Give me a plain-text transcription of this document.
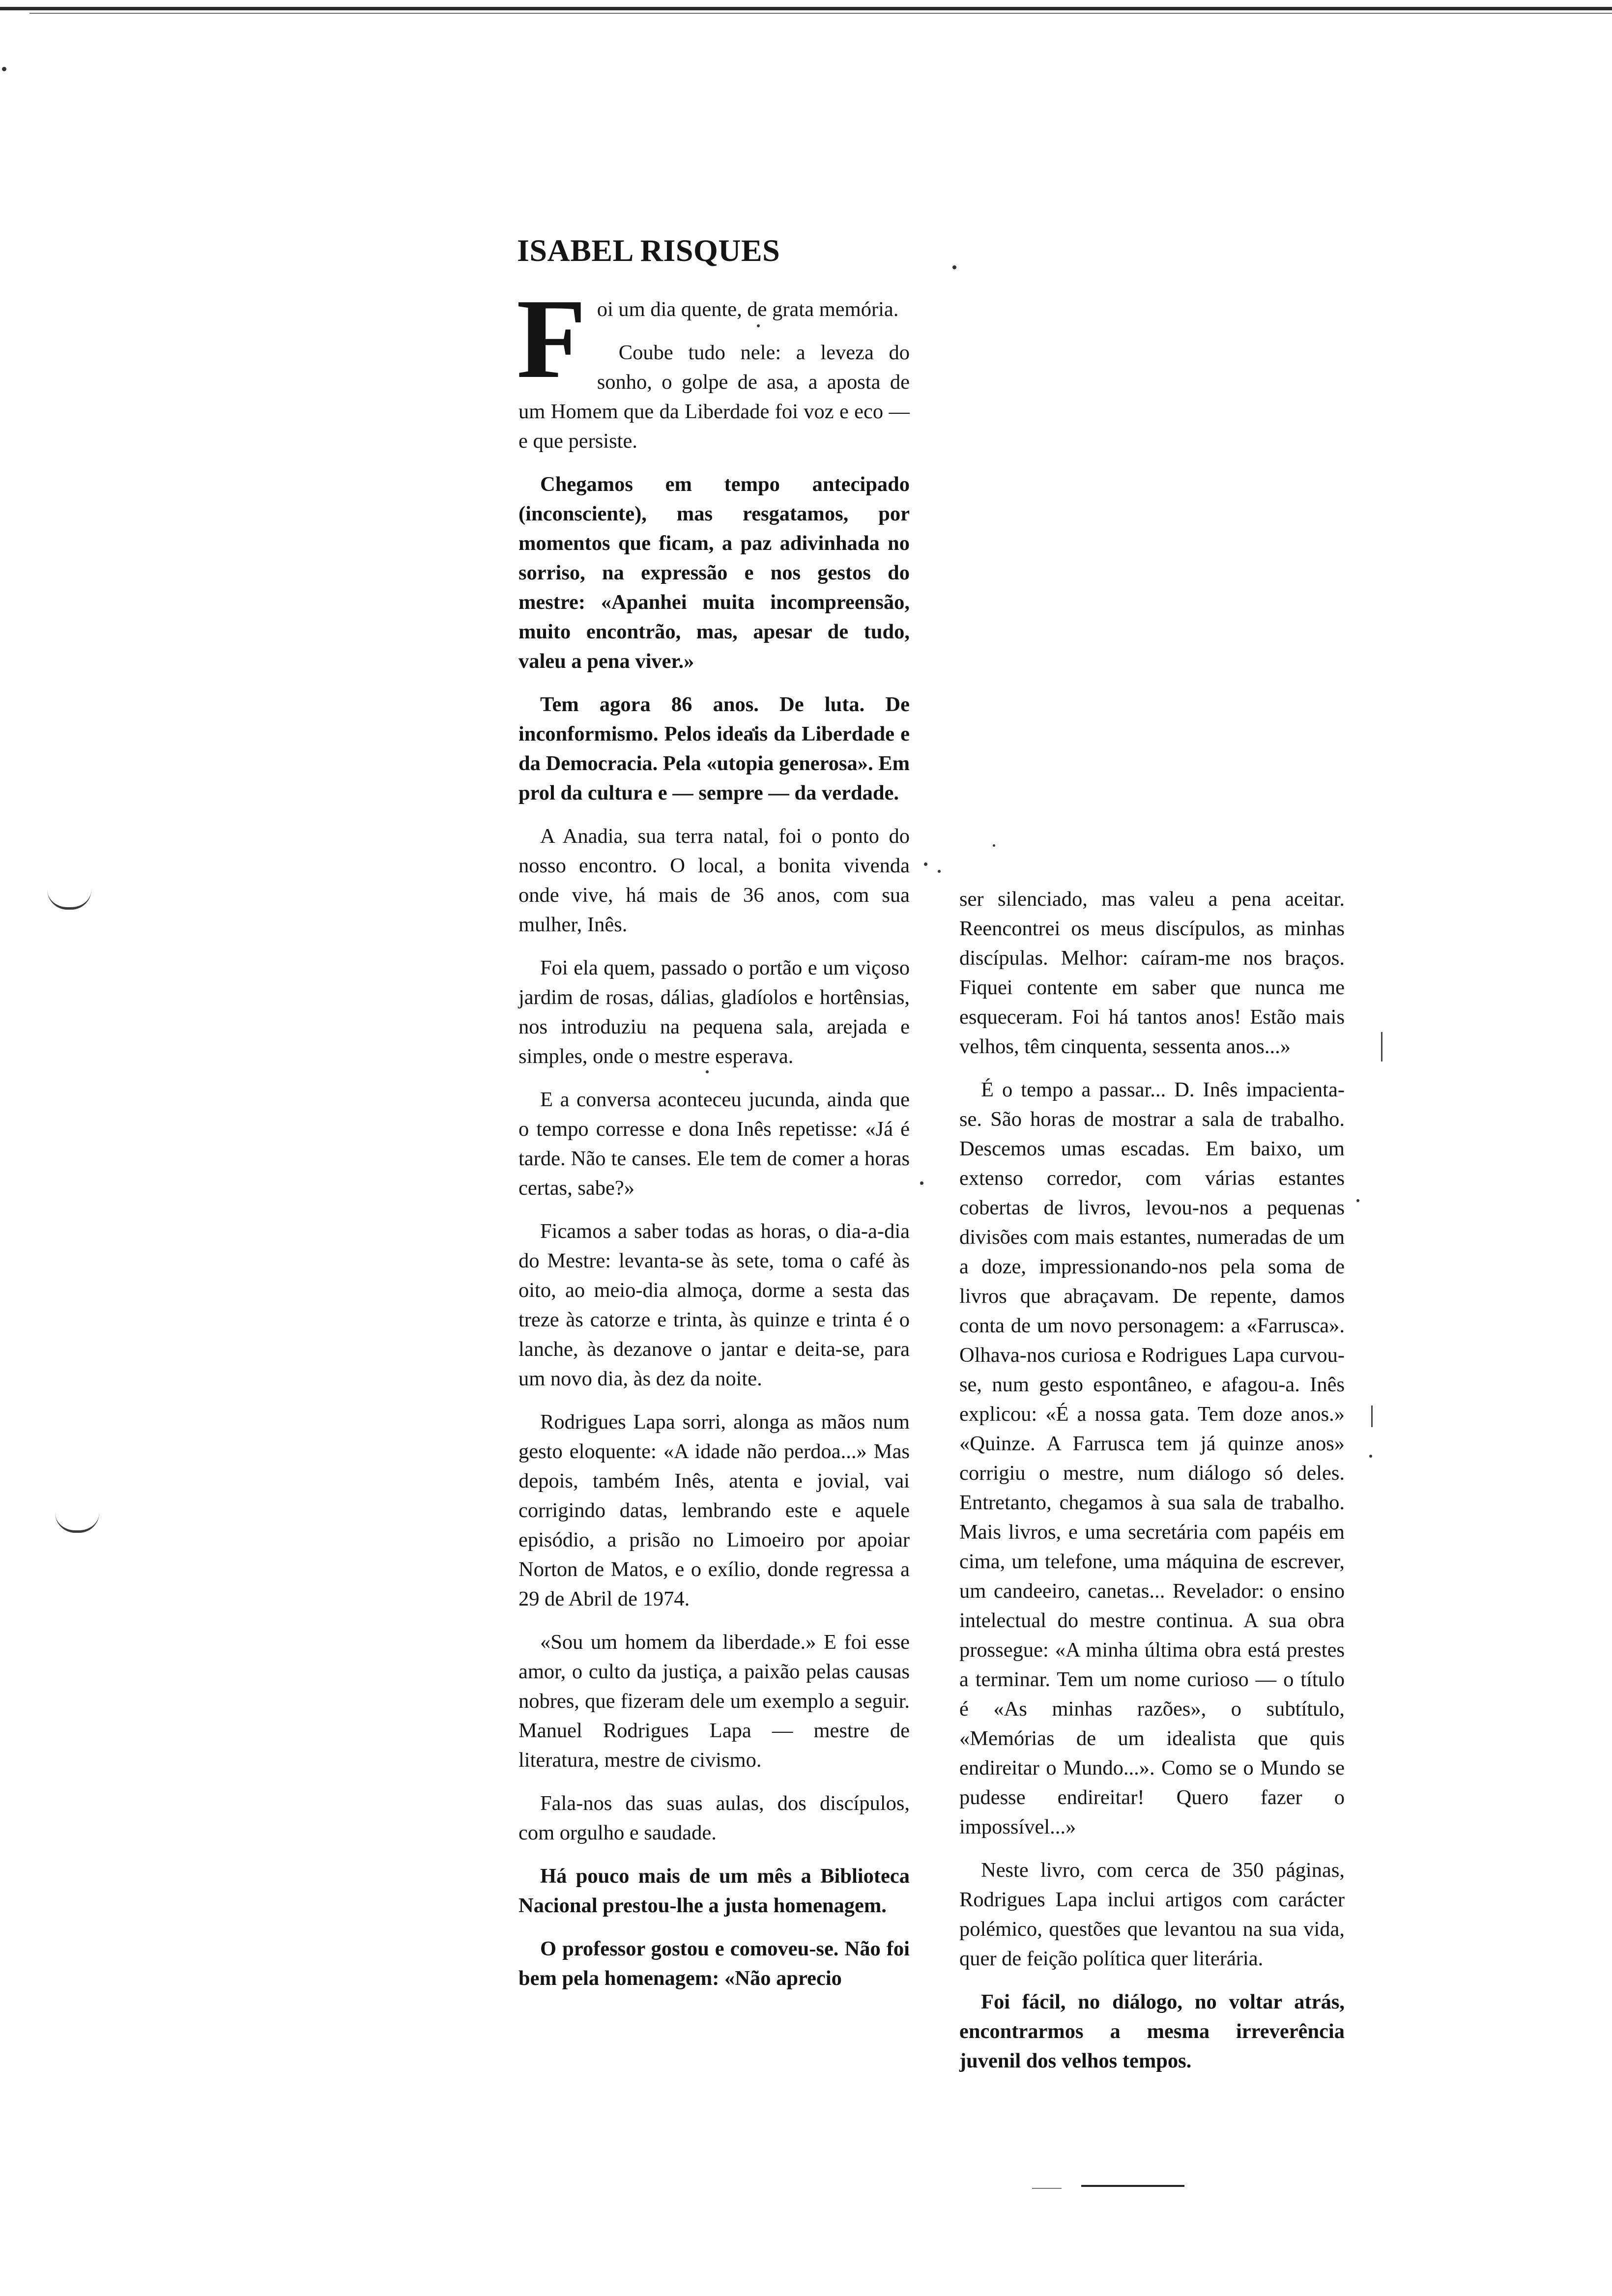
ISABEL RISQUES

Foi um dia quente, de grata memória.

Coube tudo nele: a leveza do sonho, o golpe de asa, a aposta de um Homem que da Liberdade foi voz e eco — e que persiste.

Chegamos em tempo antecipado (inconsciente), mas resgatamos, por momentos que ficam, a paz adivinhada no sorriso, na expressão e nos gestos do mestre: «Apanhei muita incompreensão, muito encontrão, mas, apesar de tudo, valeu a pena viver.»

Tem agora 86 anos. De luta. De inconformismo. Pelos ideais da Liberdade e da Democracia. Pela «utopia generosa». Em prol da cultura e — sempre — da verdade.

A Anadia, sua terra natal, foi o ponto do nosso encontro. O local, a bonita vivenda onde vive, há mais de 36 anos, com sua mulher, Inês.

Foi ela quem, passado o portão e um viçoso jardim de rosas, dálias, gladíolos e hortênsias, nos introduziu na pequena sala, arejada e simples, onde o mestre esperava.

E a conversa aconteceu jucunda, ainda que o tempo corresse e dona Inês repetisse: «Já é tarde. Não te canses. Ele tem de comer a horas certas, sabe?»

Ficamos a saber todas as horas, o dia-a-dia do Mestre: levanta-se às sete, toma o café às oito, ao meio-dia almoça, dorme a sesta das treze às catorze e trinta, às quinze e trinta é o lanche, às dezanove o jantar e deita-se, para um novo dia, às dez da noite.

Rodrigues Lapa sorri, alonga as mãos num gesto eloquente: «A idade não perdoa...» Mas depois, também Inês, atenta e jovial, vai corrigindo datas, lembrando este e aquele episódio, a prisão no Limoeiro por apoiar Norton de Matos, e o exílio, donde regressa a 29 de Abril de 1974.

«Sou um homem da liberdade.» E foi esse amor, o culto da justiça, a paixão pelas causas nobres, que fizeram dele um exemplo a seguir. Manuel Rodrigues Lapa — mestre de literatura, mestre de civismo.

Fala-nos das suas aulas, dos discípulos, com orgulho e saudade.

Há pouco mais de um mês a Biblioteca Nacional prestou-lhe a justa homenagem.

O professor gostou e comoveu-se. Não foi bem pela homenagem: «Não aprecio

ser silenciado, mas valeu a pena aceitar. Reencontrei os meus discípulos, as minhas discípulas. Melhor: caíram-me nos braços. Fiquei contente em saber que nunca me esqueceram. Foi há tantos anos! Estão mais velhos, têm cinquenta, sessenta anos...»

É o tempo a passar... D. Inês impacienta-se. São horas de mostrar a sala de trabalho. Descemos umas escadas. Em baixo, um extenso corredor, com várias estantes cobertas de livros, levou-nos a pequenas divisões com mais estantes, numeradas de um a doze, impressionando-nos pela soma de livros que abraçavam. De repente, damos conta de um novo personagem: a «Farrusca». Olhava-nos curiosa e Rodrigues Lapa curvou-se, num gesto espontâneo, e afagou-a. Inês explicou: «É a nossa gata. Tem doze anos.» «Quinze. A Farrusca tem já quinze anos» corrigiu o mestre, num diálogo só deles. Entretanto, chegamos à sua sala de trabalho. Mais livros, e uma secretária com papéis em cima, um telefone, uma máquina de escrever, um candeeiro, canetas... Revelador: o ensino intelectual do mestre continua. A sua obra prossegue: «A minha última obra está prestes a terminar. Tem um nome curioso — o título é «As minhas razões», o subtítulo, «Memórias de um idealista que quis endireitar o Mundo...». Como se o Mundo se pudesse endireitar! Quero fazer o impossível...»

Neste livro, com cerca de 350 páginas, Rodrigues Lapa inclui artigos com carácter polémico, questões que levantou na sua vida, quer de feição política quer literária.

Foi fácil, no diálogo, no voltar atrás, encontrarmos a mesma irreverência juvenil dos velhos tempos.
